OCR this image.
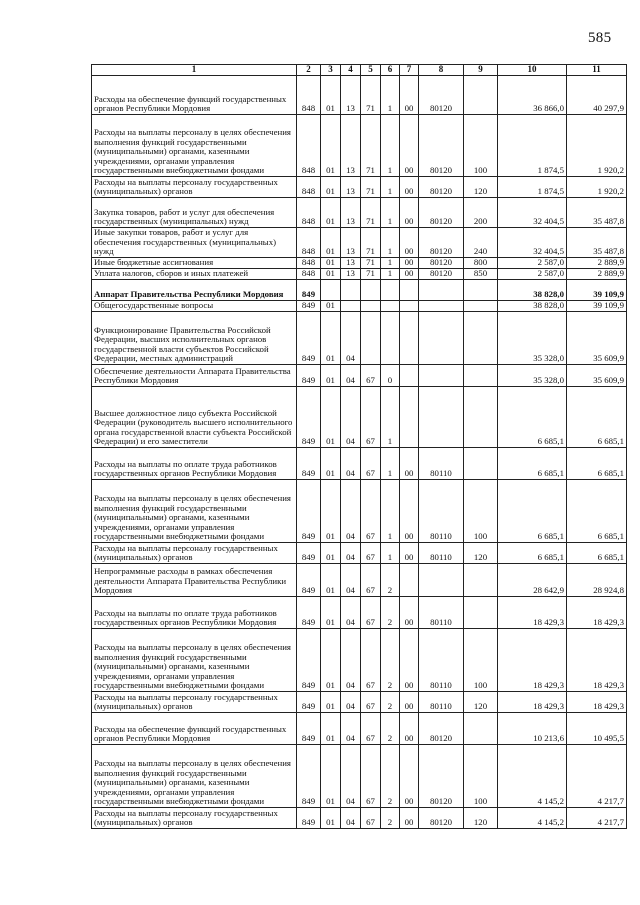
585
1	2	3	4	5	6	7	8	9	10	11
Расходы на обеспечение функций государственных органов Республики Мордовия	848	01	13	71	1	00	80120		36 866,0	40 297,9
Расходы на выплаты персоналу в целях обеспечения выполнения функций государственными (муниципальными) органами, казенными учреждениями, органами управления государственными внебюджетными фондами	848	01	13	71	1	00	80120	100	1 874,5	1 920,2
Расходы на выплаты персоналу государственных (муниципальных) органов	848	01	13	71	1	00	80120	120	1 874,5	1 920,2
Закупка товаров, работ и услуг для обеспечения государственных (муниципальных) нужд	848	01	13	71	1	00	80120	200	32 404,5	35 487,8
Иные закупки товаров, работ и услуг для обеспечения государственных (муниципальных) нужд	848	01	13	71	1	00	80120	240	32 404,5	35 487,8
Иные бюджетные ассигнования	848	01	13	71	1	00	80120	800	2 587,0	2 889,9
Уплата налогов, сборов и иных платежей	848	01	13	71	1	00	80120	850	2 587,0	2 889,9
Аппарат Правительства Республики Мордовия	849								38 828,0	39 109,9
Общегосударственные вопросы	849	01							38 828,0	39 109,9
Функционирование Правительства Российской Федерации, высших исполнительных органов государственной власти субъектов Российской Федерации, местных администраций	849	01	04						35 328,0	35 609,9
Обеспечение деятельности Аппарата Правительства Республики Мордовия	849	01	04	67	0				35 328,0	35 609,9
Высшее должностное лицо субъекта Российской Федерации (руководитель высшего исполнительного органа государственной власти субъекта Российской Федерации) и его заместители	849	01	04	67	1				6 685,1	6 685,1
Расходы на выплаты по оплате труда работников государственных органов Республики Мордовия	849	01	04	67	1	00	80110		6 685,1	6 685,1
Расходы на выплаты персоналу в целях обеспечения выполнения функций государственными (муниципальными) органами, казенными учреждениями, органами управления государственными внебюджетными фондами	849	01	04	67	1	00	80110	100	6 685,1	6 685,1
Расходы на выплаты персоналу государственных (муниципальных) органов	849	01	04	67	1	00	80110	120	6 685,1	6 685,1
Непрограммные расходы в рамках обеспечения деятельности Аппарата Правительства Республики Мордовия	849	01	04	67	2				28 642,9	28 924,8
Расходы на выплаты по оплате труда работников государственных органов Республики Мордовия	849	01	04	67	2	00	80110		18 429,3	18 429,3
Расходы на выплаты персоналу в целях обеспечения выполнения функций государственными (муниципальными) органами, казенными учреждениями, органами управления государственными внебюджетными фондами	849	01	04	67	2	00	80110	100	18 429,3	18 429,3
Расходы на выплаты персоналу государственных (муниципальных) органов	849	01	04	67	2	00	80110	120	18 429,3	18 429,3
Расходы на обеспечение функций государственных органов Республики Мордовия	849	01	04	67	2	00	80120		10 213,6	10 495,5
Расходы на выплаты персоналу в целях обеспечения выполнения функций государственными (муниципальными) органами, казенными учреждениями, органами управления государственными внебюджетными фондами	849	01	04	67	2	00	80120	100	4 145,2	4 217,7
Расходы на выплаты персоналу государственных (муниципальных) органов	849	01	04	67	2	00	80120	120	4 145,2	4 217,7
